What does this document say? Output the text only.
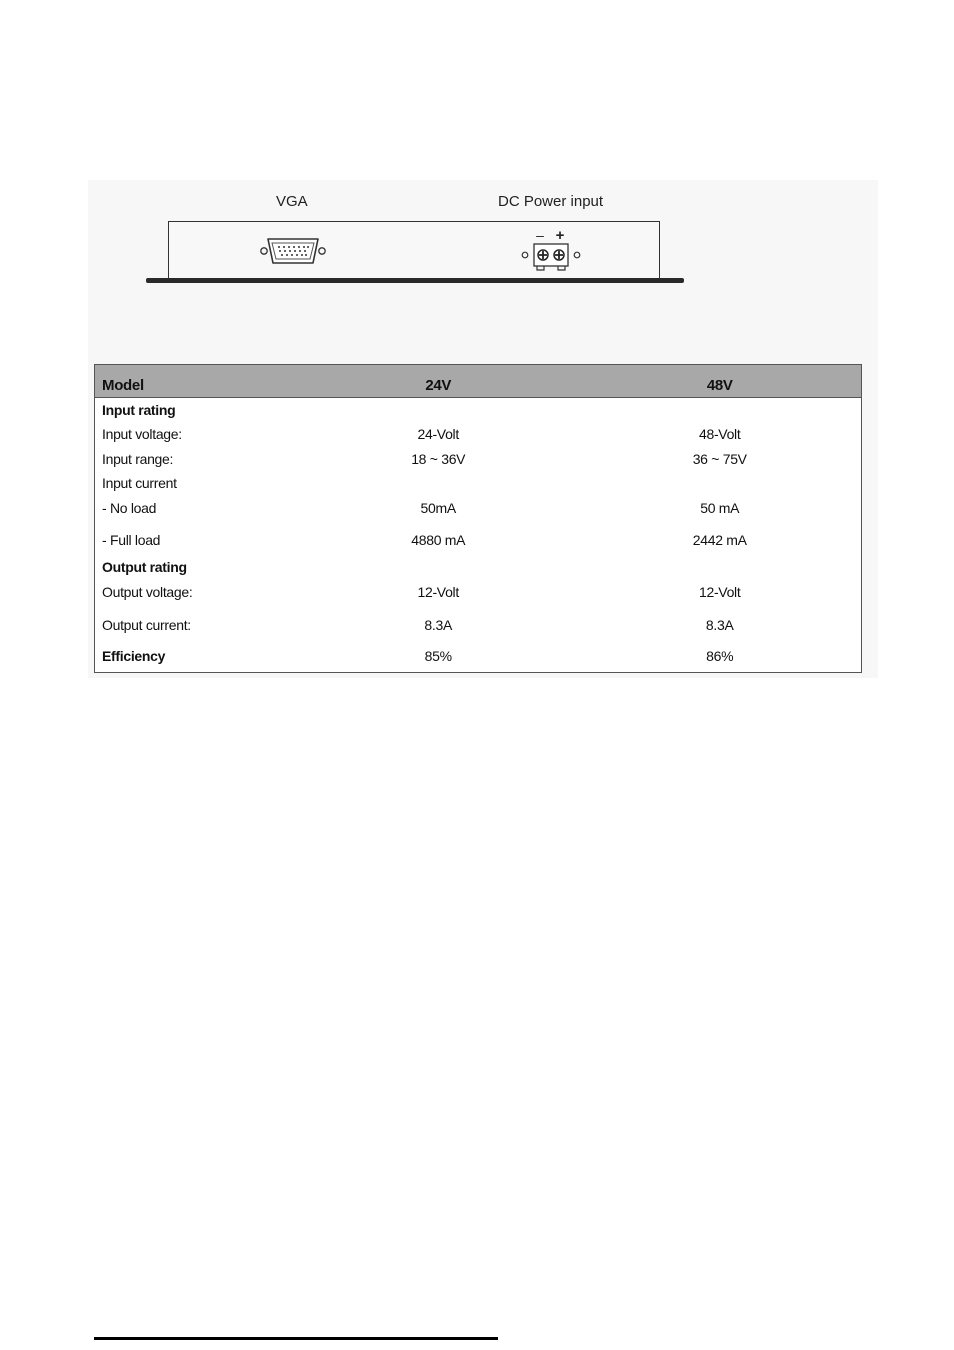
VGA	DC Power input
– +
Model	24V	48V

Input rating		
Input voltage:	24-Volt	48-Volt
Input range:	18 ~ 36V	36 ~ 75V
Input current		
- No load	50mA	50 mA
- Full load	4880 mA	2442 mA
Output rating		
Output voltage:	12-Volt	12-Volt
Output current:	8.3A	8.3A
Efficiency	85%	86%
